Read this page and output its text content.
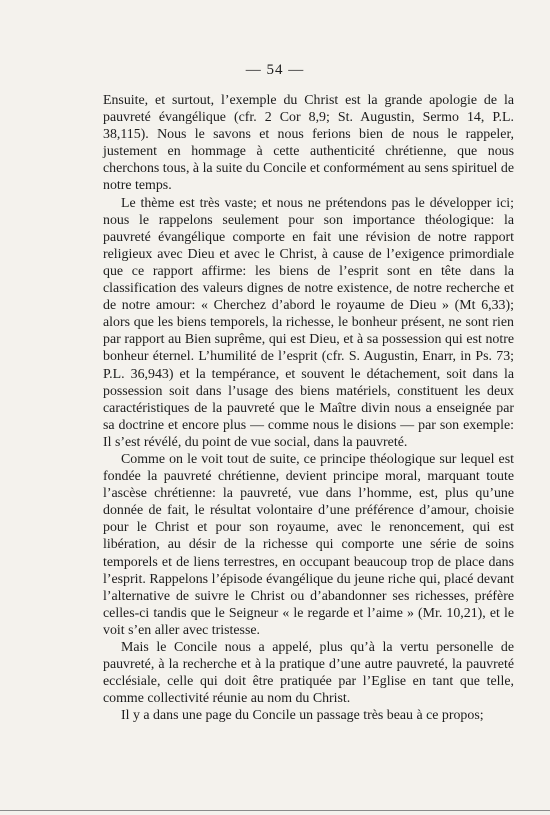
— 54 —

Ensuite, et surtout, l’exemple du Christ est la grande apologie de la pauvreté évangélique (cfr. 2 Cor 8,9; St. Augustin, Sermo 14, P.L. 38,115). Nous le savons et nous ferions bien de nous le rappeler, justement en hommage à cette authenticité chrétienne, que nous cherchons tous, à la suite du Concile et conformément au sens spirituel de notre temps.

Le thème est très vaste; et nous ne prétendons pas le développer ici; nous le rappelons seulement pour son importance théologique: la pauvreté évangélique comporte en fait une révision de notre rapport religieux avec Dieu et avec le Christ, à cause de l’exigence primordiale que ce rapport affirme: les biens de l’esprit sont en tête dans la classification des valeurs dignes de notre existence, de notre recherche et de notre amour: « Cherchez d’abord le royaume de Dieu » (Mt 6,33); alors que les biens temporels, la richesse, le bonheur présent, ne sont rien par rapport au Bien suprême, qui est Dieu, et à sa possession qui est notre bonheur éternel. L’humilité de l’esprit (cfr. S. Augustin, Enarr, in Ps. 73; P.L. 36,943) et la tempérance, et souvent le détachement, soit dans la possession soit dans l’usage des biens matériels, constituent les deux caractéristiques de la pauvreté que le Maître divin nous a enseignée par sa doctrine et encore plus — comme nous le disions — par son exemple: Il s’est révélé, du point de vue social, dans la pauvreté.

Comme on le voit tout de suite, ce principe théologique sur lequel est fondée la pauvreté chrétienne, devient principe moral, marquant toute l’ascèse chrétienne: la pauvreté, vue dans l’homme, est, plus qu’une donnée de fait, le résultat volontaire d’une préférence d’amour, choisie pour le Christ et pour son royaume, avec le renoncement, qui est libération, au désir de la richesse qui comporte une série de soins temporels et de liens terrestres, en occupant beaucoup trop de place dans l’esprit. Rappelons l’épisode évangélique du jeune riche qui, placé devant l’alternative de suivre le Christ ou d’abandonner ses richesses, préfère celles-ci tandis que le Seigneur « le regarde et l’aime » (Mr. 10,21), et le voit s’en aller avec tristesse.

Mais le Concile nous a appelé, plus qu’à la vertu personelle de pauvreté, à la recherche et à la pratique d’une autre pauvreté, la pauvreté ecclésiale, celle qui doit être pratiquée par l’Eglise en tant que telle, comme collectivité réunie au nom du Christ.

Il y a dans une page du Concile un passage très beau à ce propos;
